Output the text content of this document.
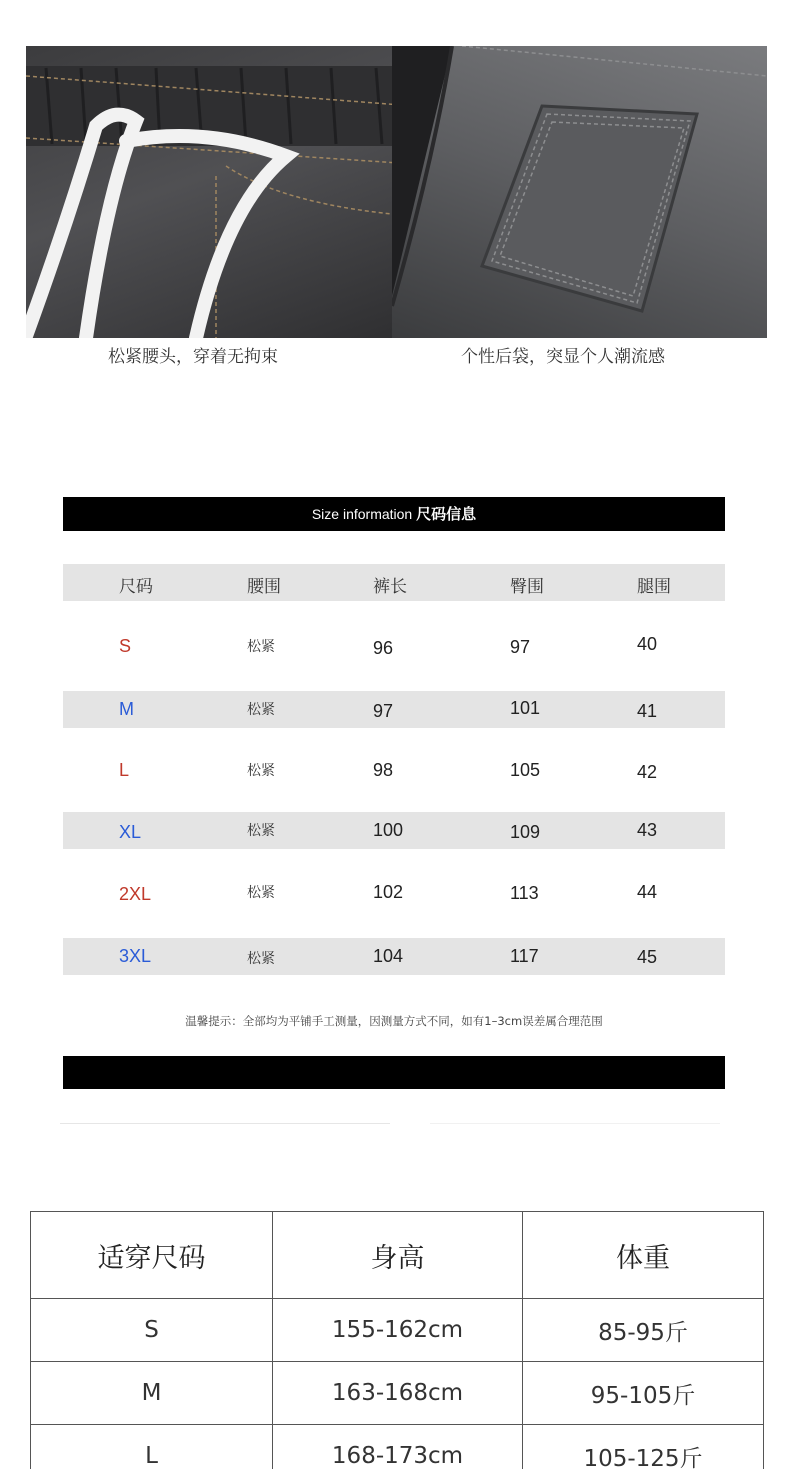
松紧腰头，穿着无拘束	个性后袋，突显个人潮流感
Size information 尺码信息
尺码	腰围	裤长	臀围	腿围
S	松紧	96	97	40
M	松紧	97	101	41
L	松紧	98	105	42
XL	松紧	100	109	43
2XL	松紧	102	113	44
3XL	松紧	104	117	45
温馨提示：全部均为平铺手工测量，因测量方式不同，如有1–3cm误差属合理范围
适穿尺码	身高	体重
S	155-162cm	85-95斤
M	163-168cm	95-105斤
L	168-173cm	105-125斤
